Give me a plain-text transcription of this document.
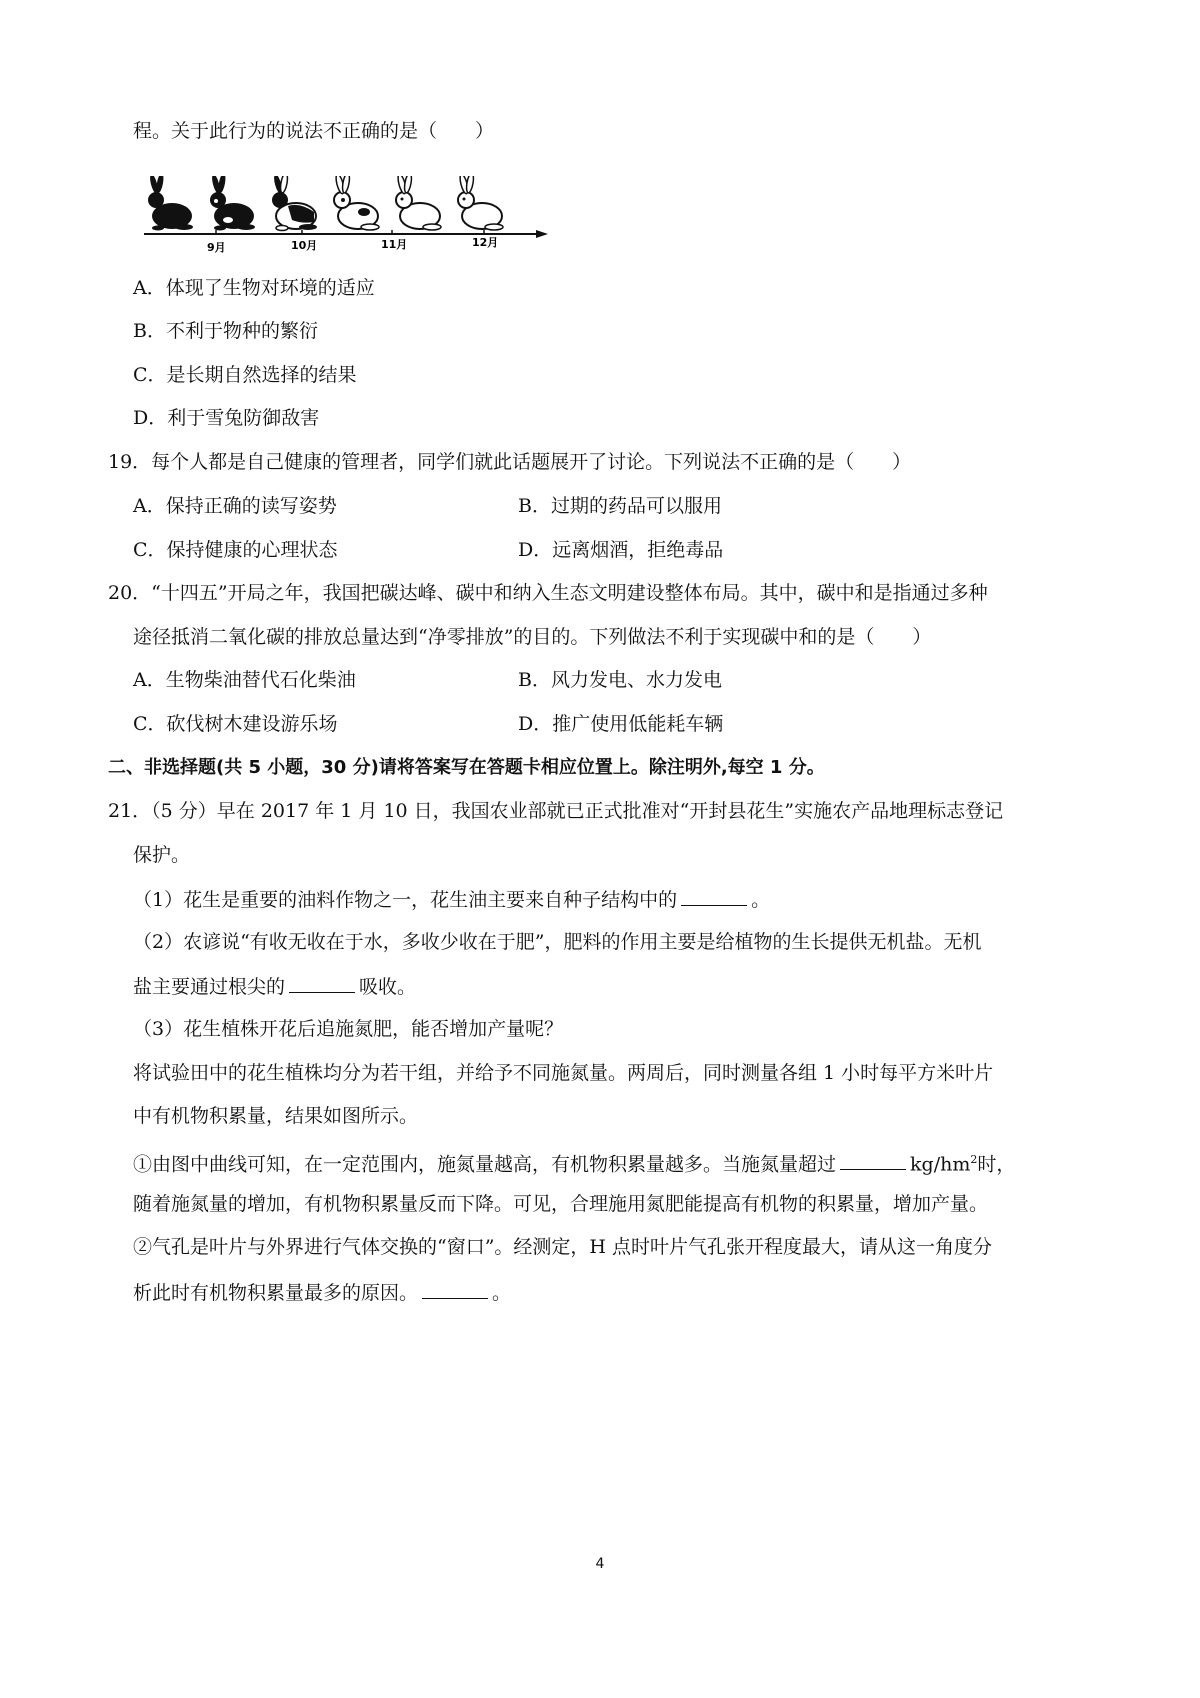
程。关于此行为的说法不正确的是（　　）
9月	10月	11月	12月
A．体现了生物对环境的适应
B．不利于物种的繁衍
C．是长期自然选择的结果
D．利于雪兔防御敌害
19．每个人都是自己健康的管理者，同学们就此话题展开了讨论。下列说法不正确的是（　　）
A．保持正确的读写姿势	B．过期的药品可以服用
C．保持健康的心理状态	D．远离烟酒，拒绝毒品
20．“十四五”开局之年，我国把碳达峰、碳中和纳入生态文明建设整体布局。其中，碳中和是指通过多种
途径抵消二氧化碳的排放总量达到“净零排放”的目的。下列做法不利于实现碳中和的是（　　）
A．生物柴油替代石化柴油	B．风力发电、水力发电
C．砍伐树木建设游乐场	D．推广使用低能耗车辆
二、非选择题(共 5 小题，30 分)请将答案写在答题卡相应位置上。除注明外,每空 1 分。
21．（5 分）早在 2017 年 1 月 10 日，我国农业部就已正式批准对“开封县花生”实施农产品地理标志登记
保护。
（1）花生是重要的油料作物之一，花生油主要来自种子结构中的	。
（2）农谚说“有收无收在于水，多收少收在于肥”，肥料的作用主要是给植物的生长提供无机盐。无机
盐主要通过根尖的	吸收。
（3）花生植株开花后追施氮肥，能否增加产量呢？
将试验田中的花生植株均分为若干组，并给予不同施氮量。两周后，同时测量各组 1 小时每平方米叶片
中有机物积累量，结果如图所示。
①由图中曲线可知，在一定范围内，施氮量越高，有机物积累量越多。当施氮量超过	$kg/hm^2$时，
随着施氮量的增加，有机物积累量反而下降。可见，合理施用氮肥能提高有机物的积累量，增加产量。
②气孔是叶片与外界进行气体交换的“窗口”。经测定，H 点时叶片气孔张开程度最大，请从这一角度分
析此时有机物积累量最多的原因。	。
4
